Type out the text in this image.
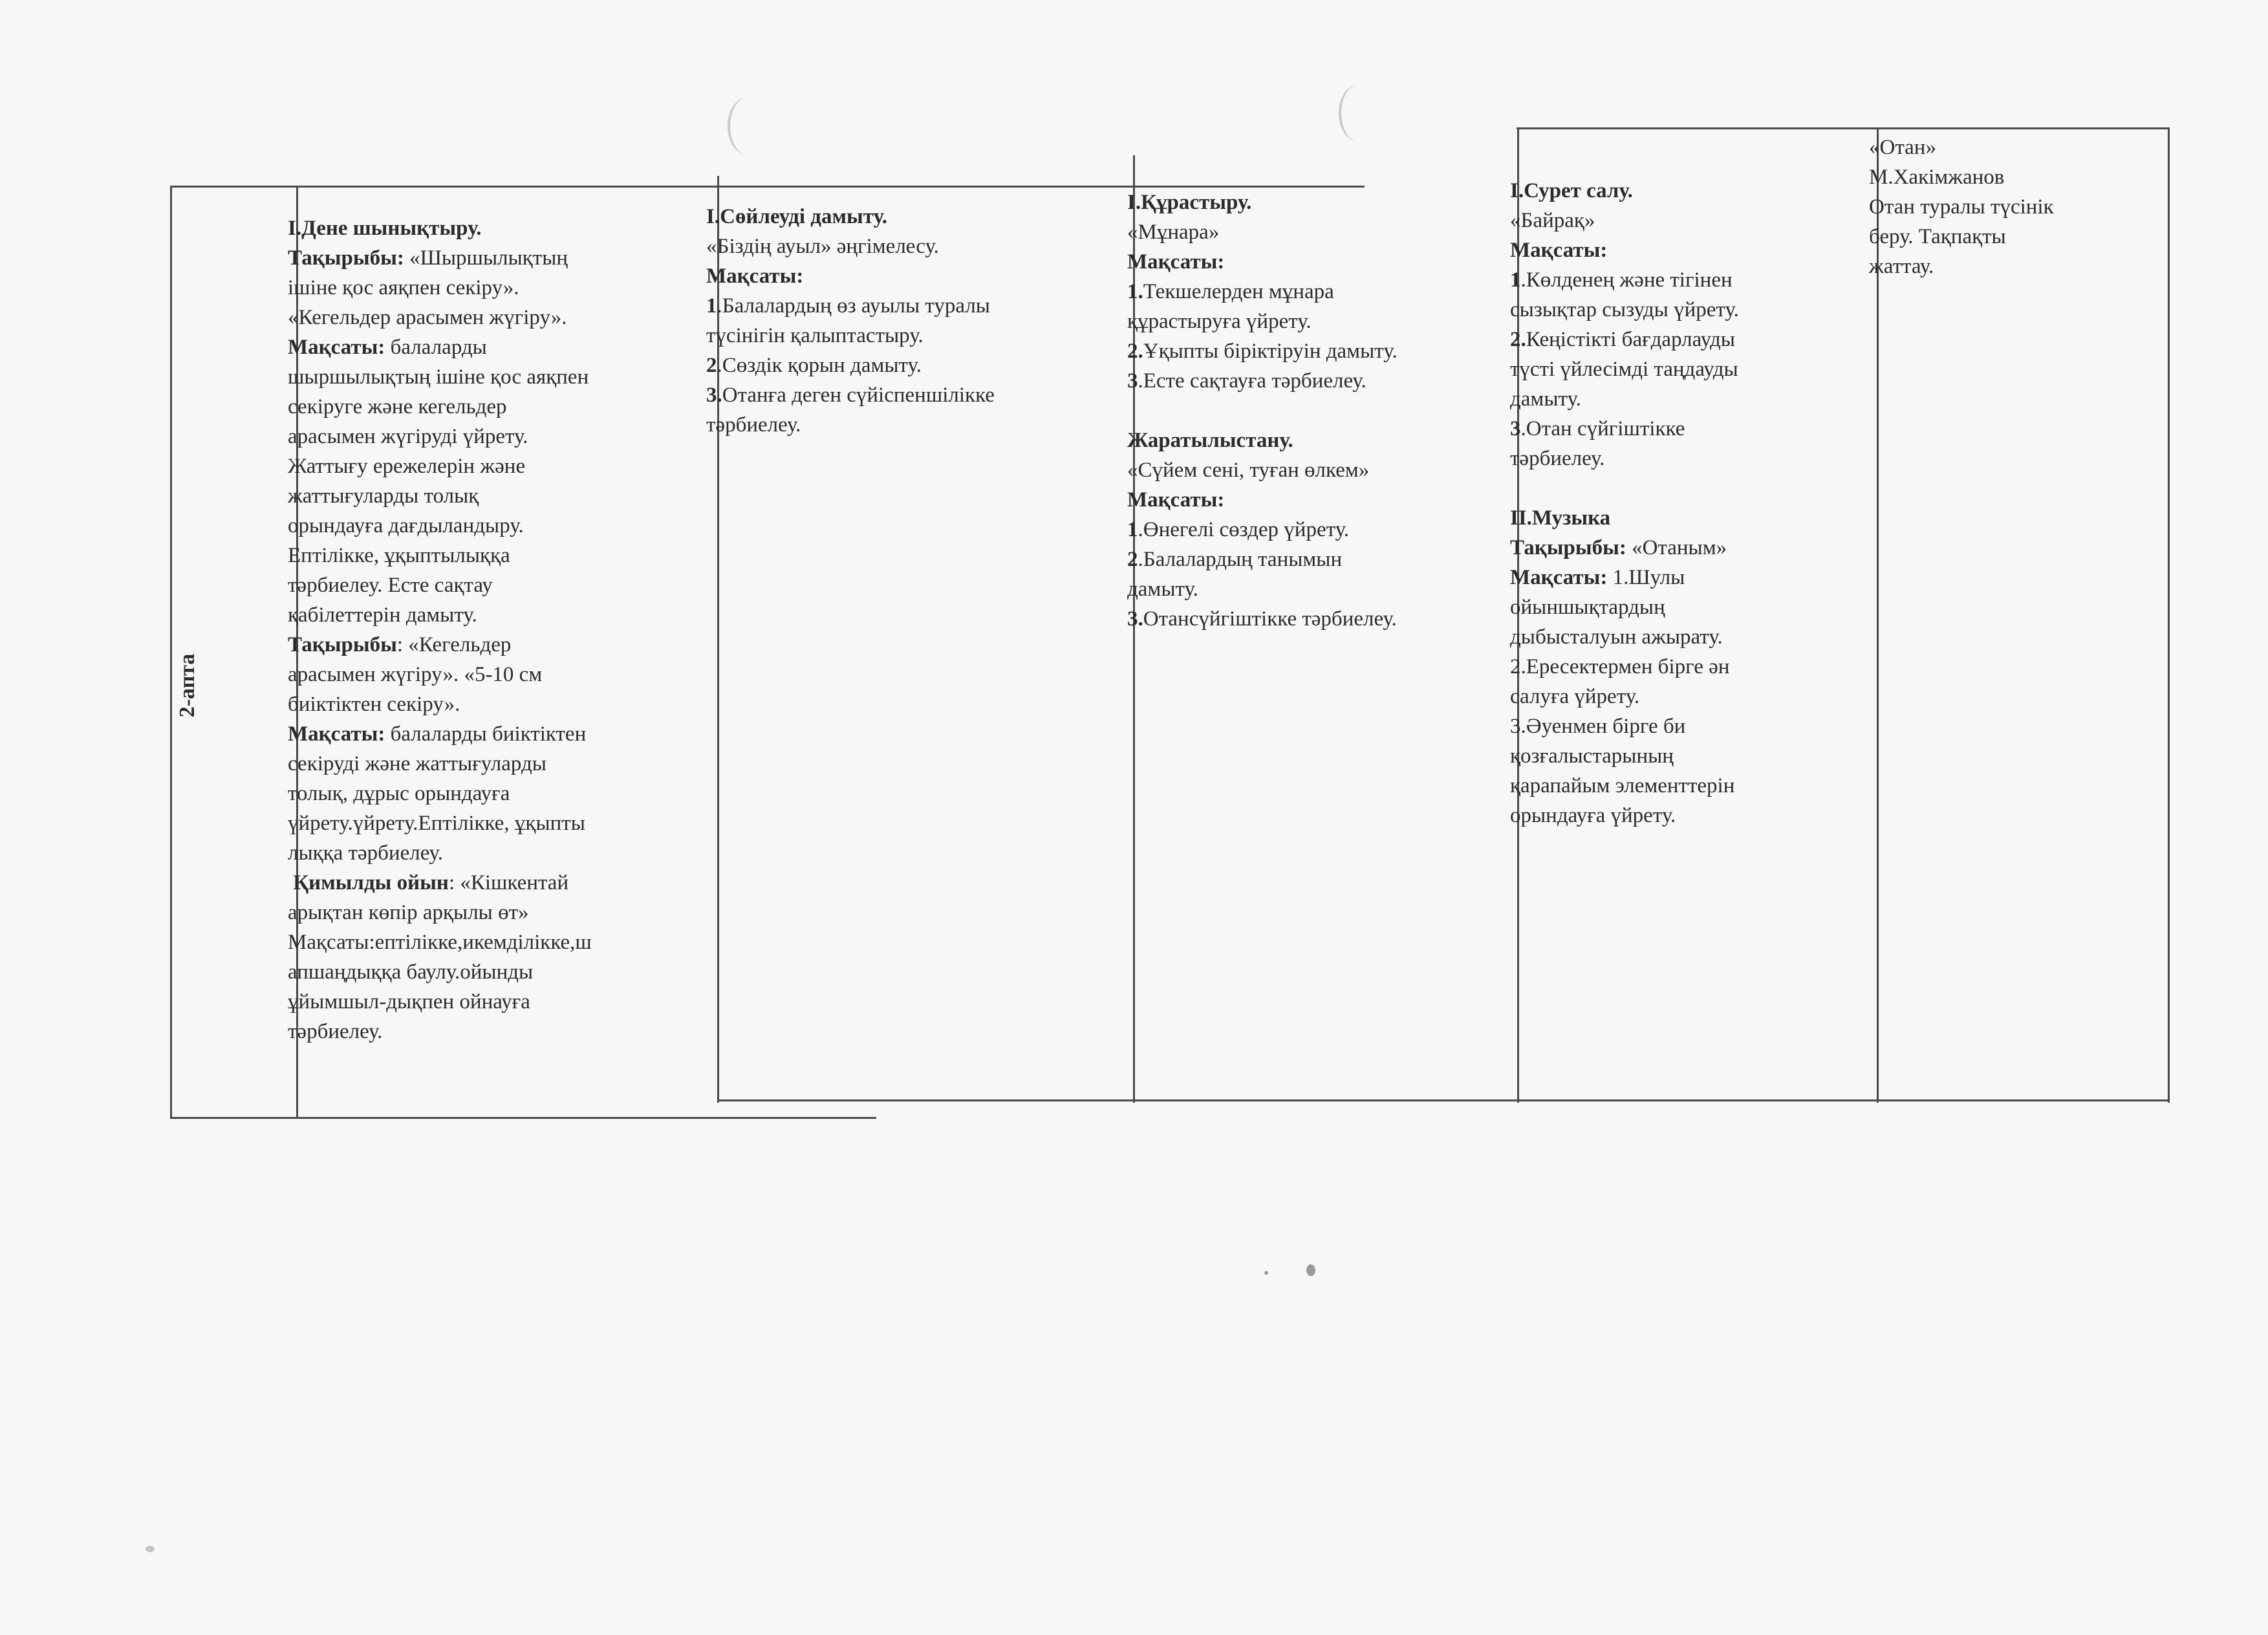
2-апта

І.Дене шынықтыру.

Тақырыбы: «Шыршылықтың

ішіне қос аяқпен секіру».

«Кегельдер арасымен жүгіру».

Мақсаты: балаларды

шыршылықтың ішіне қос аяқпен

секіруге және кегельдер

арасымен жүгіруді үйрету.

Жаттығу ережелерін және

жаттығуларды толық

орындауға дағдыландыру.

Ептілікке, ұқыптылыққа

тәрбиелеу. Есте сақтау

қабілеттерін дамыту.

Тақырыбы: «Кегельдер

арасымен жүгіру». «5-10 см

биіктіктен секіру».

Мақсаты: балаларды биіктіктен

секіруді және жаттығуларды

толық, дұрыс орындауға

үйрету.үйрету.Ептілікке, ұқыпты

лыққа тәрбиелеу.

Қимылды ойын: «Кішкентай

арықтан көпір арқылы өт»

Мақсаты:ептілікке,икемділікке,ш

апшаңдыққа баулу.ойынды

ұйымшыл-дықпен ойнауға

тәрбиелеу.

І.Сөйлеуді дамыту.

«Біздің ауыл» әңгімелесу.

Мақсаты:

1.Балалардың өз ауылы туралы

түсінігін қалыптастыру.

2.Сөздік қорын дамыту.

3.Отанға деген сүйіспеншілікке

тәрбиелеу.

І.Құрастыру.

«Мұнара»

Мақсаты:

1.Текшелерден мұнара

құрастыруға үйрету.

2.Ұқыпты біріктіруін дамыту.

3.Есте сақтауға тәрбиелеу.

Жаратылыстану.

«Сүйем сені, туған өлкем»

Мақсаты:

1.Өнегелі сөздер үйрету.

2.Балалардың танымын

дамыту.

3.Отансүйгіштікке тәрбиелеу.

І.Сурет салу.

«Байрақ»

Мақсаты:

1.Көлденең және тігінен

сызықтар сызуды үйрету.

2.Кеңістікті бағдарлауды

түсті үйлесімді таңдауды

дамыту.

3.Отан сүйгіштікке

тәрбиелеу.

ІІ.Музыка

Тақырыбы: «Отаным»

Мақсаты: 1.Шулы

ойыншықтардың

дыбысталуын ажырату.

2.Ересектермен бірге ән

салуға үйрету.

3.Әуенмен бірге би

қозғалыстарының

қарапайым элементтерін

орындауға үйрету.

«Отан»

М.Хакімжанов

Отан туралы түсінік

беру. Тақпақты

жаттау.
